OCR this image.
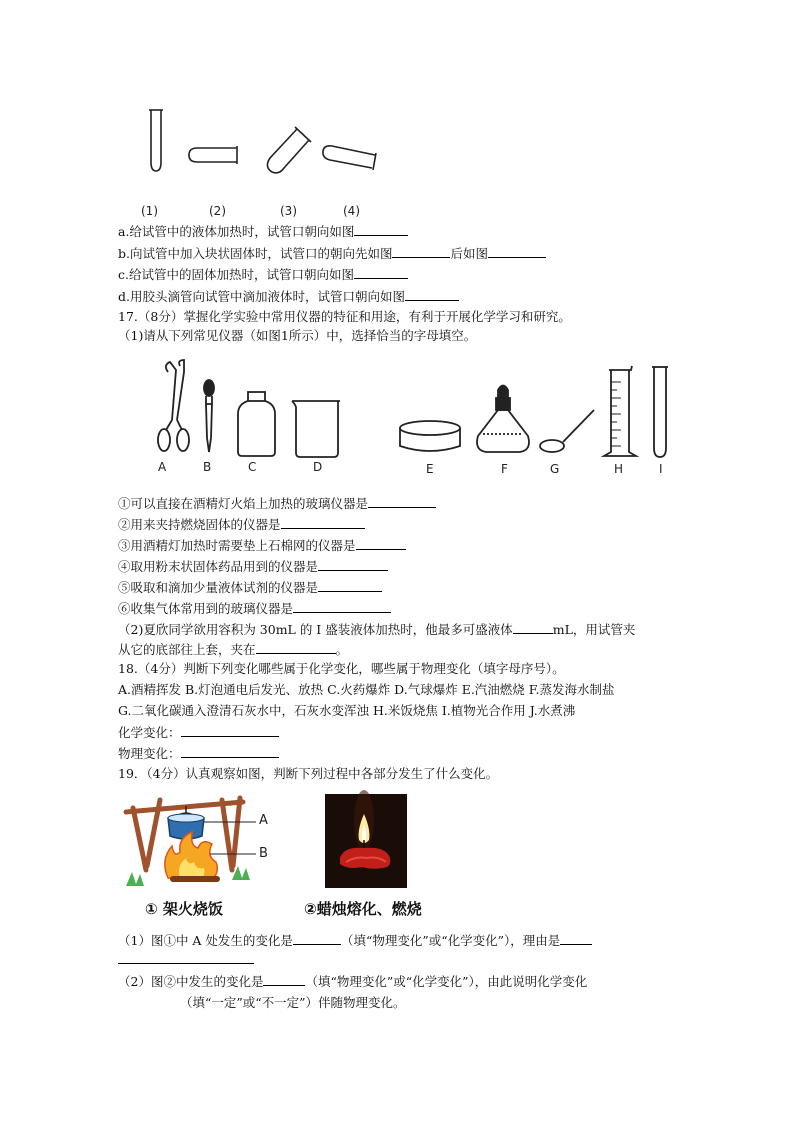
(1)	(2)	(3)	(4)
a.给试管中的液体加热时，试管口朝向如图
b.向试管中加入块状固体时，试管口的朝向先如图	后如图
c.给试管中的固体加热时，试管口朝向如图
d.用胶头滴管向试管中滴加液体时，试管口朝向如图
17.（8分）掌握化学实验中常用仪器的特征和用途，有利于开展化学学习和研究。
（1)请从下列常见仪器（如图1所示）中，选择恰当的字母填空。
A	B	C	D	E	F	G	H	I
①可以直接在酒精灯火焰上加热的玻璃仪器是
②用来夹持燃烧固体的仪器是
③用酒精灯加热时需要垫上石棉网的仪器是
④取用粉末状固体药品用到的仪器是
⑤吸取和滴加少量液体试剂的仪器是
⑥收集气体常用到的玻璃仪器是
（2)夏欣同学欲用容积为 30mL 的 I 盛装液体加热时，他最多可盛液体	mL，用试管夹
从它的底部往上套，夹在	。
18.（4分）判断下列变化哪些属于化学变化，哪些属于物理变化（填字母序号）。
A.酒精挥发 B.灯泡通电后发光、放热 C.火药爆炸 D.气球爆炸 E.汽油燃烧 F.蒸发海水制盐
G.二氧化碳通入澄清石灰水中，石灰水变浑浊 H.米饭烧焦 I.植物光合作用 J.水煮沸
化学变化：
物理变化：
19．（4分）认真观察如图，判断下列过程中各部分发生了什么变化。
A
B
① 架火烧饭	②蜡烛熔化、燃烧
（1）图①中 A 处发生的变化是	（填“物理变化”或“化学变化”），理由是
（2）图②中发生的变化是	（填“物理变化”或“化学变化”），由此说明化学变化
（填“一定”或“不一定”）伴随物理变化。
